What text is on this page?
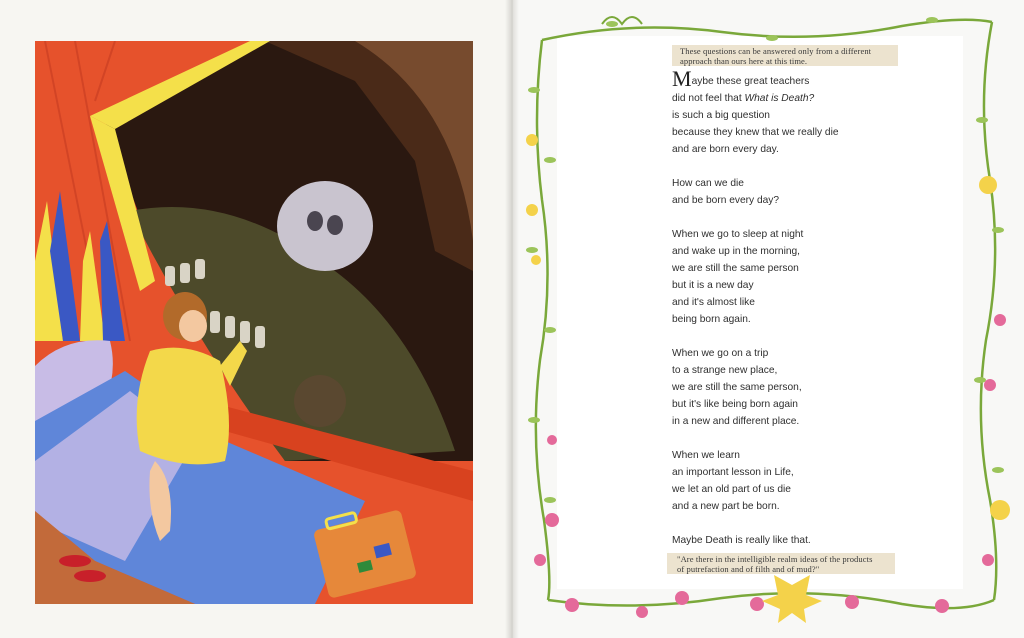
These questions can be answered only from a different
approach than ours here at this time.

Maybe these great teachers

did not feel that What is Death?

is such a big question

because they knew that we really die

and are born every day.

How can we die

and be born every day?

When we go to sleep at night

and wake up in the morning,

we are still the same person

but it is a new day

and it's almost like

being born again.

When we go on a trip

to a strange new place,

we are still the same person,

but it's like being born again

in a new and different place.

When we learn

an important lesson in Life,

we let an old part of us die

and a new part be born.

Maybe Death is really like that.

"Are there in the intelligible realm ideas of the products
of putrefaction and of filth and of mud?"
